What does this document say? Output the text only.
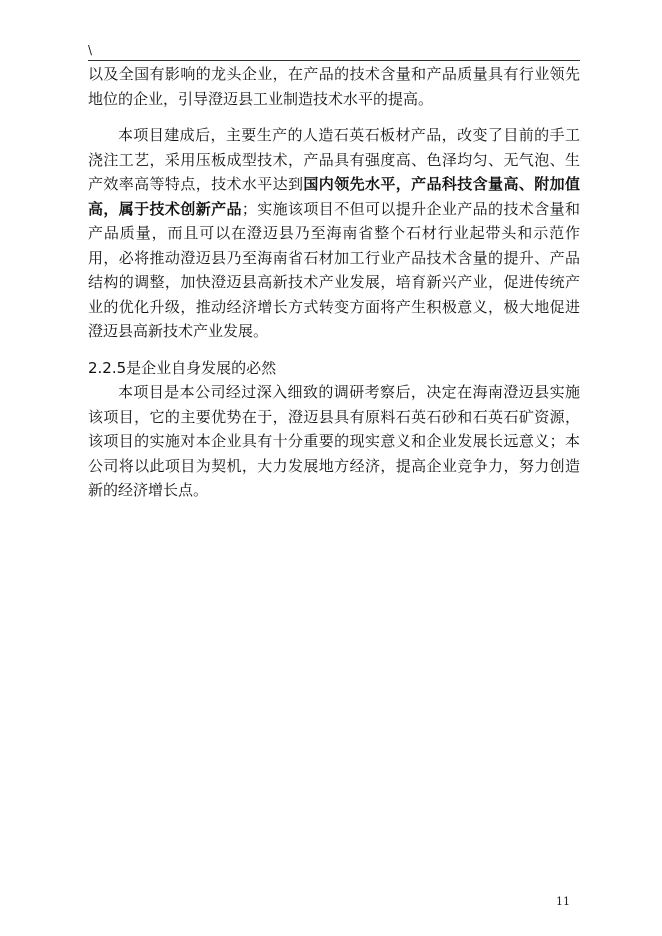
\

以及全国有影响的龙头企业，在产品的技术含量和产品质量具有行业领先地位的企业，引导澄迈县工业制造技术水平的提高。

本项目建成后，主要生产的人造石英石板材产品，改变了目前的手工浇注工艺，采用压板成型技术，产品具有强度高、色泽均匀、无气泡、生产效率高等特点，技术水平达到国内领先水平，产品科技含量高、附加值高，属于技术创新产品；实施该项目不但可以提升企业产品的技术含量和产品质量，而且可以在澄迈县乃至海南省整个石材行业起带头和示范作用，必将推动澄迈县乃至海南省石材加工行业产品技术含量的提升、产品结构的调整，加快澄迈县高新技术产业发展，培育新兴产业，促进传统产业的优化升级，推动经济增长方式转变方面将产生积极意义，极大地促进澄迈县高新技术产业发展。

2.2.5是企业自身发展的必然

本项目是本公司经过深入细致的调研考察后，决定在海南澄迈县实施该项目，它的主要优势在于，澄迈县具有原料石英石砂和石英石矿资源，该项目的实施对本企业具有十分重要的现实意义和企业发展长远意义；本公司将以此项目为契机，大力发展地方经济，提高企业竞争力，努力创造新的经济增长点。

11
